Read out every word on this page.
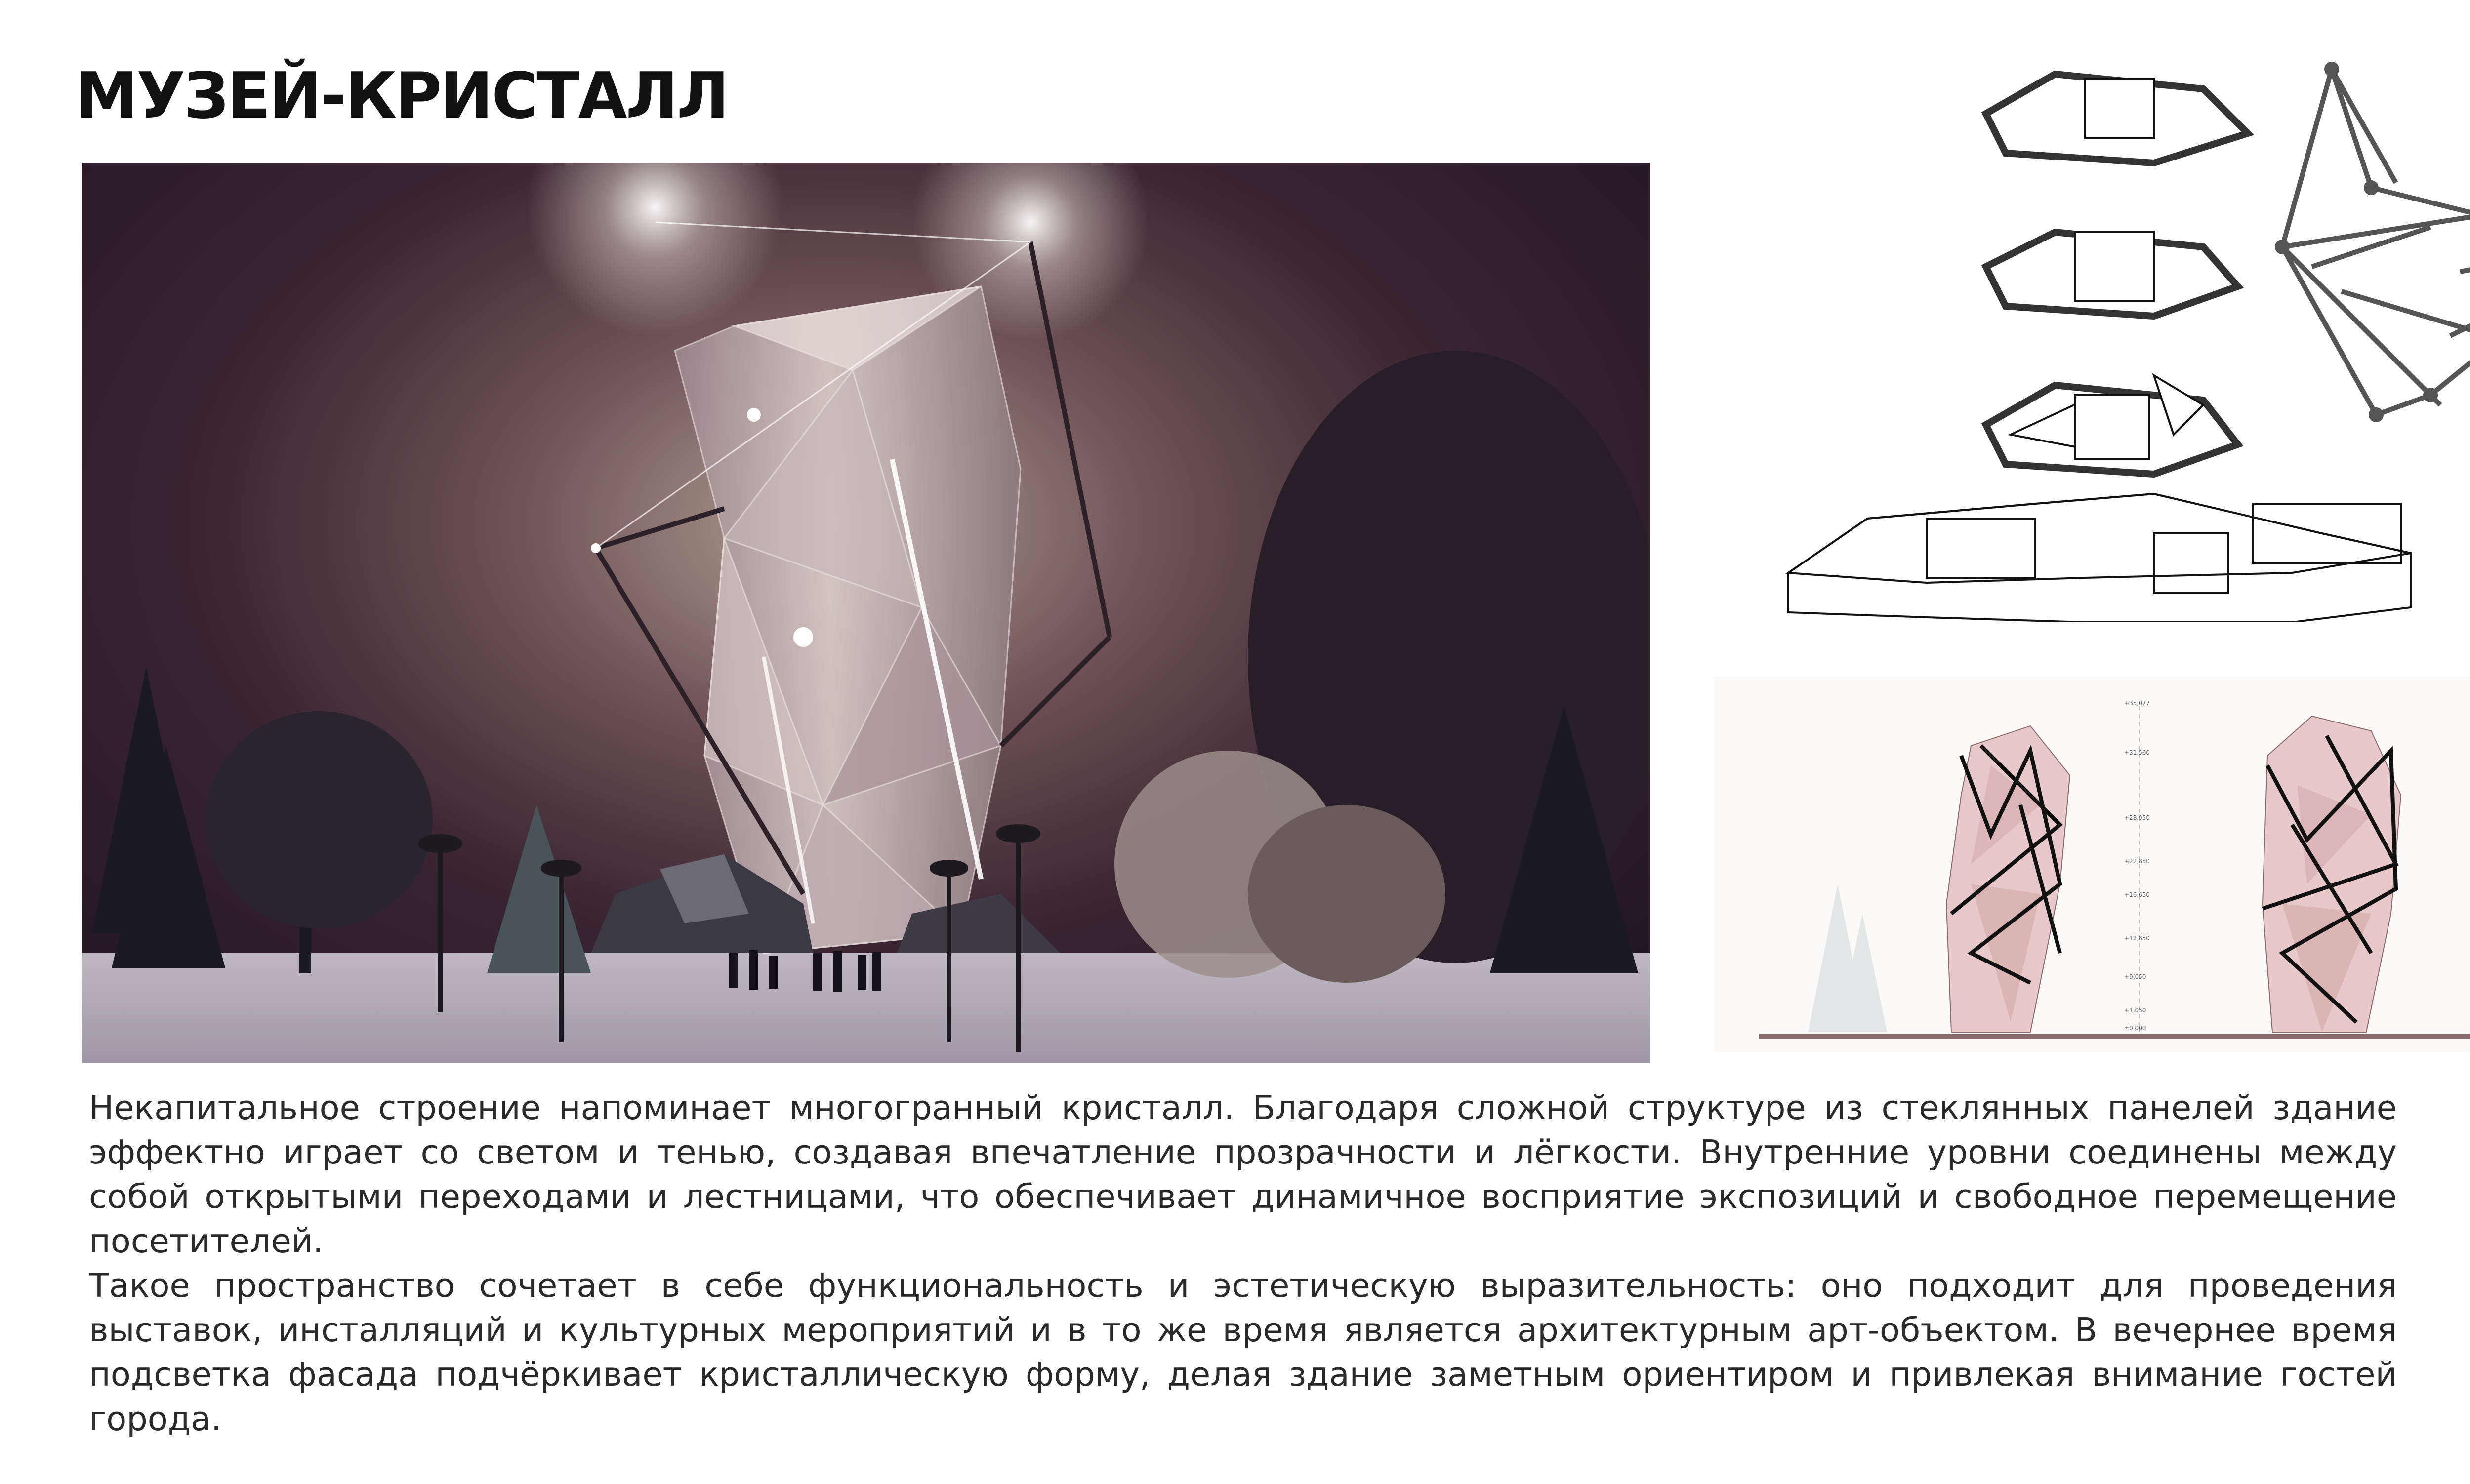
МУЗЕЙ-КРИСТАЛЛ
+35,077
+31,560
+28,950
+22,850
+16,650
+12,850
+9,050
+1,050
±0,000

Некапитальное строение напоминает многогранный кристалл. Благодаря сложной структуре из стеклянных панелей здание эффектно играет со светом и тенью, создавая впечатление прозрачности и лёгкости. Внутренние уровни соединены между собой открытыми переходами и лестницами, что обеспечивает динамичное восприятие экспозиций и свободное перемещение посетителей.

Такое пространство сочетает в себе функциональность и эстетическую выразительность: оно подходит для проведения выставок, инсталляций и культурных мероприятий и в то же время является архитектурным арт-объектом. В вечернее время подсветка фасада подчёркивает кристаллическую форму, делая здание заметным ориентиром и привлекая внимание гостей города.
